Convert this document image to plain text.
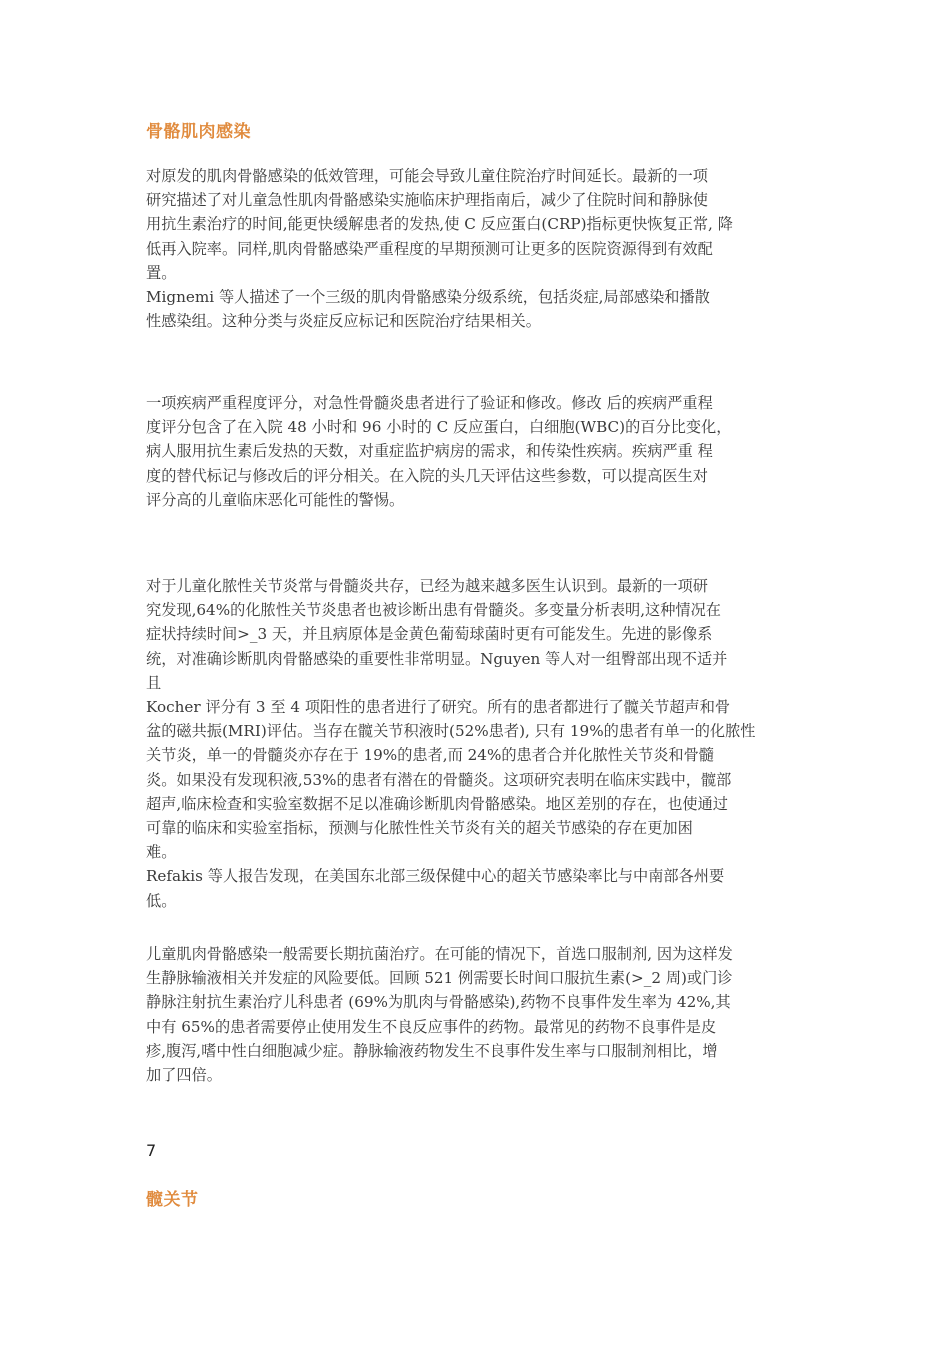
骨骼肌肉感染
对原发的肌肉骨骼感染的低效管理，可能会导致儿童住院治疗时间延长。最新的一项
研究描述了对儿童急性肌肉骨骼感染实施临床护理指南后，减少了住院时间和静脉使
用抗生素治疗的时间,能更快缓解患者的发热,使 C 反应蛋白(CRP)指标更快恢复正常, 降
低再入院率。同样,肌肉骨骼感染严重程度的早期预测可让更多的医院资源得到有效配
置。
Mignemi 等人描述了一个三级的肌肉骨骼感染分级系统，包括炎症,局部感染和播散
性感染组。这种分类与炎症反应标记和医院治疗结果相关。
一项疾病严重程度评分，对急性骨髓炎患者进行了验证和修改。修改 后的疾病严重程
度评分包含了在入院 48 小时和 96 小时的 C 反应蛋白，白细胞(WBC)的百分比变化，
病人服用抗生素后发热的天数，对重症监护病房的需求，和传染性疾病。疾病严重 程
度的替代标记与修改后的评分相关。在入院的头几天评估这些参数，可以提高医生对
评分高的儿童临床恶化可能性的警惕。
对于儿童化脓性关节炎常与骨髓炎共存，已经为越来越多医生认识到。最新的一项研
究发现,64%的化脓性关节炎患者也被诊断出患有骨髓炎。多变量分析表明,这种情况在
症状持续时间>_3 天，并且病原体是金黄色葡萄球菌时更有可能发生。先进的影像系
统，对准确诊断肌肉骨骼感染的重要性非常明显。Nguyen 等人对一组臀部出现不适并
且
Kocher 评分有 3 至 4 项阳性的患者进行了研究。所有的患者都进行了髋关节超声和骨
盆的磁共振(MRI)评估。当存在髋关节积液时(52%患者), 只有 19%的患者有单一的化脓性
关节炎，单一的骨髓炎亦存在于 19%的患者,而 24%的患者合并化脓性关节炎和骨髓
炎。如果没有发现积液,53%的患者有潜在的骨髓炎。这项研究表明在临床实践中，髋部
超声,临床检查和实验室数据不足以准确诊断肌肉骨骼感染。地区差别的存在，也使通过
可靠的临床和实验室指标，预测与化脓性性关节炎有关的超关节感染的存在更加困
难。
Refakis 等人报告发现，在美国东北部三级保健中心的超关节感染率比与中南部各州要
低。
儿童肌肉骨骼感染一般需要长期抗菌治疗。在可能的情况下，首选口服制剂, 因为这样发
生静脉输液相关并发症的风险要低。回顾 521 例需要长时间口服抗生素(>_2 周)或门诊
静脉注射抗生素治疗儿科患者 (69%为肌肉与骨骼感染),药物不良事件发生率为 42%,其
中有 65%的患者需要停止使用发生不良反应事件的药物。最常见的药物不良事件是皮
疹,腹泻,嗜中性白细胞减少症。静脉输液药物发生不良事件发生率与口服制剂相比，增
加了四倍。
7
髋关节
